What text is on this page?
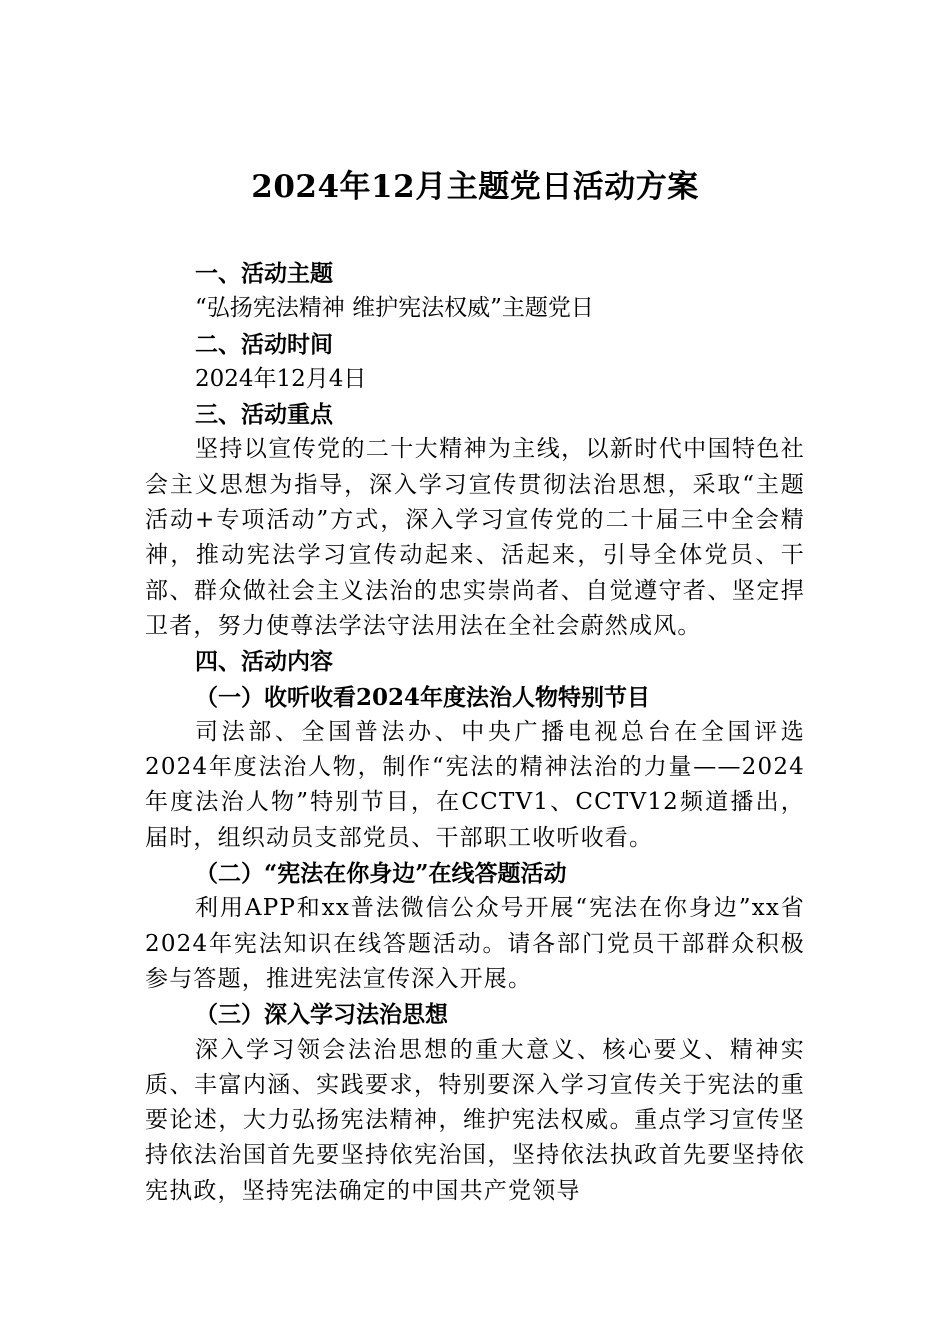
2024年12月主题党日活动方案

一、活动主题

“弘扬宪法精神 维护宪法权威”主题党日

二、活动时间

2024年12月4日

三、活动重点

坚持以宣传党的二十大精神为主线，以新时代中国特色社会主义思想为指导，深入学习宣传贯彻法治思想，采取“主题活动+专项活动”方式，深入学习宣传党的二十届三中全会精神，推动宪法学习宣传动起来、活起来，引导全体党员、干部、群众做社会主义法治的忠实崇尚者、自觉遵守者、坚定捍卫者，努力使尊法学法守法用法在全社会蔚然成风。

四、活动内容

（一）收听收看2024年度法治人物特别节目

司法部、全国普法办、中央广播电视总台在全国评选2024年度法治人物，制作“宪法的精神法治的力量——2024年度法治人物”特别节目，在CCTV1、CCTV12频道播出，届时，组织动员支部党员、干部职工收听收看。

（二）“宪法在你身边”在线答题活动

利用APP和xx普法微信公众号开展“宪法在你身边”xx省2024年宪法知识在线答题活动。请各部门党员干部群众积极参与答题，推进宪法宣传深入开展。

（三）深入学习法治思想

深入学习领会法治思想的重大意义、核心要义、精神实质、丰富内涵、实践要求，特别要深入学习宣传关于宪法的重要论述，大力弘扬宪法精神，维护宪法权威。重点学习宣传坚持依法治国首先要坚持依宪治国，坚持依法执政首先要坚持依宪执政，坚持宪法确定的中国共产党领导
